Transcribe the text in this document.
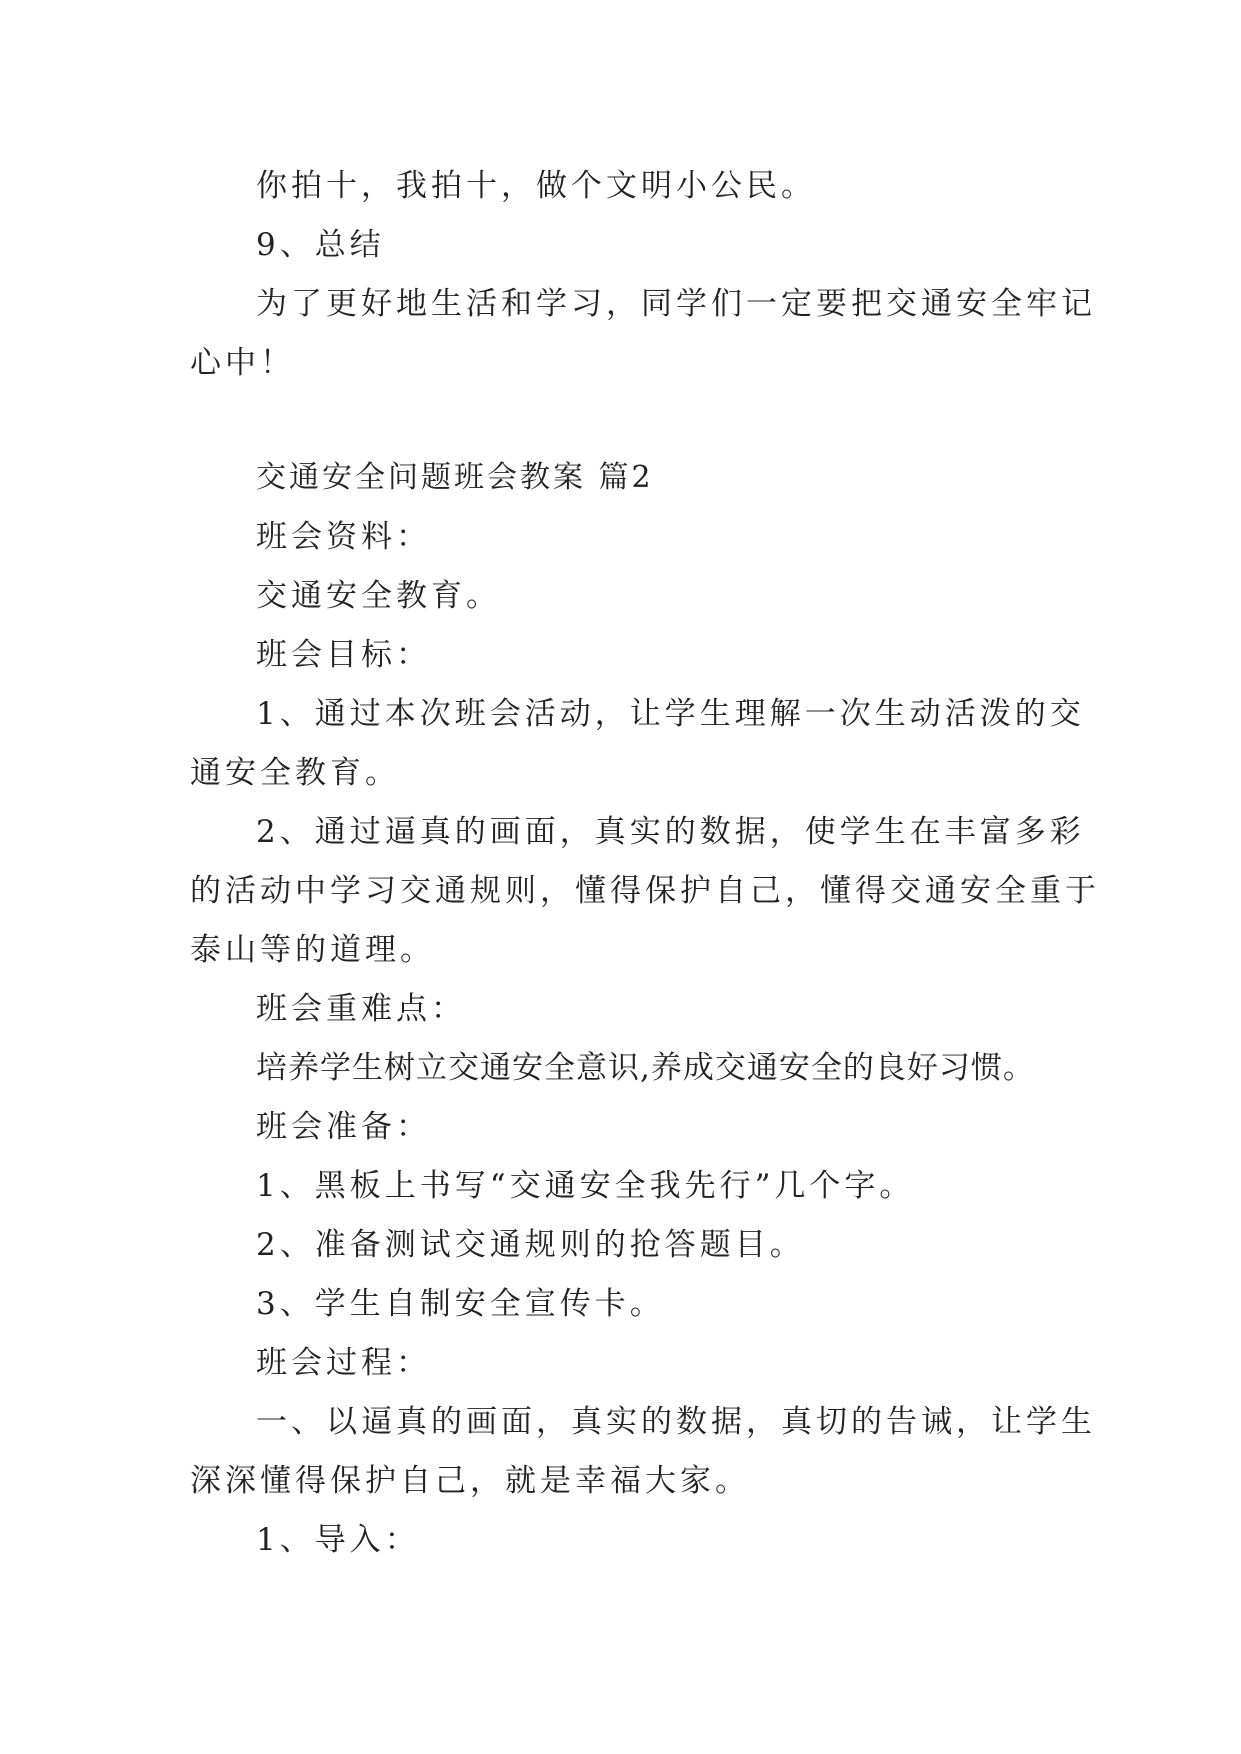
你拍十，我拍十，做个文明小公民。
9、总结
为了更好地生活和学习，同学们一定要把交通安全牢记
心中！
交通安全问题班会教案 篇2
班会资料：
交通安全教育。
班会目标：
1、通过本次班会活动，让学生理解一次生动活泼的交
通安全教育。
2、通过逼真的画面，真实的数据，使学生在丰富多彩
的活动中学习交通规则，懂得保护自己，懂得交通安全重于
泰山等的道理。
班会重难点：
培养学生树立交通安全意识,养成交通安全的良好习惯。
班会准备：
1、黑板上书写“交通安全我先行”几个字。
2、准备测试交通规则的抢答题目。
3、学生自制安全宣传卡。
班会过程：
一、以逼真的画面，真实的数据，真切的告诫，让学生
深深懂得保护自己，就是幸福大家。
1、导入：
